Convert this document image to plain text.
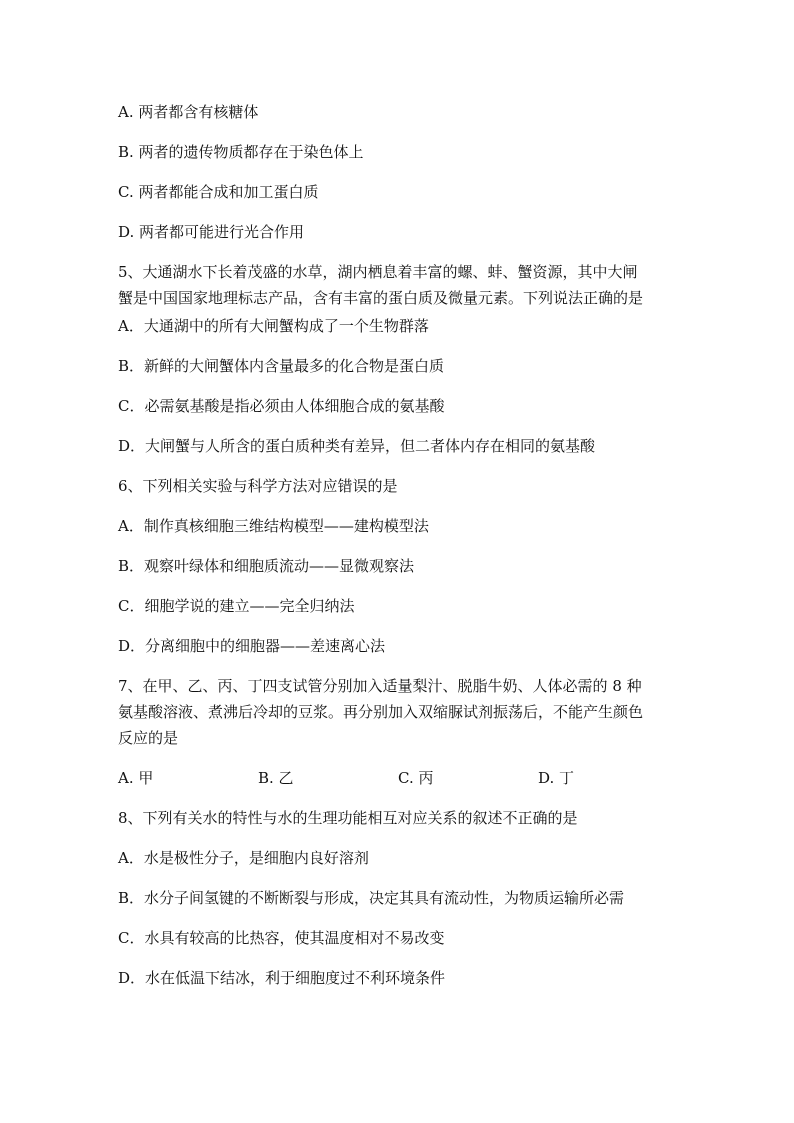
A. 两者都含有核糖体
B. 两者的遗传物质都存在于染色体上
C. 两者都能合成和加工蛋白质
D. 两者都可能进行光合作用
5、大通湖水下长着茂盛的水草，湖内栖息着丰富的螺、蚌、蟹资源，其中大闸
蟹是中国国家地理标志产品，含有丰富的蛋白质及微量元素。下列说法正确的是
A．大通湖中的所有大闸蟹构成了一个生物群落
B．新鲜的大闸蟹体内含量最多的化合物是蛋白质
C．必需氨基酸是指必须由人体细胞合成的氨基酸
D．大闸蟹与人所含的蛋白质种类有差异，但二者体内存在相同的氨基酸
6、下列相关实验与科学方法对应错误的是
A．制作真核细胞三维结构模型——建构模型法
B．观察叶绿体和细胞质流动——显微观察法
C．细胞学说的建立——完全归纳法
D．分离细胞中的细胞器——差速离心法
7、在甲、乙、丙、丁四支试管分别加入适量梨汁、脱脂牛奶、人体必需的 8 种
氨基酸溶液、煮沸后冷却的豆浆。再分别加入双缩脲试剂振荡后，不能产生颜色
反应的是
A. 甲	B. 乙	C. 丙	D. 丁
8、下列有关水的特性与水的生理功能相互对应关系的叙述不正确的是
A．水是极性分子，是细胞内良好溶剂
B．水分子间氢键的不断断裂与形成，决定其具有流动性，为物质运输所必需
C．水具有较高的比热容，使其温度相对不易改变
D．水在低温下结冰，利于细胞度过不利环境条件
